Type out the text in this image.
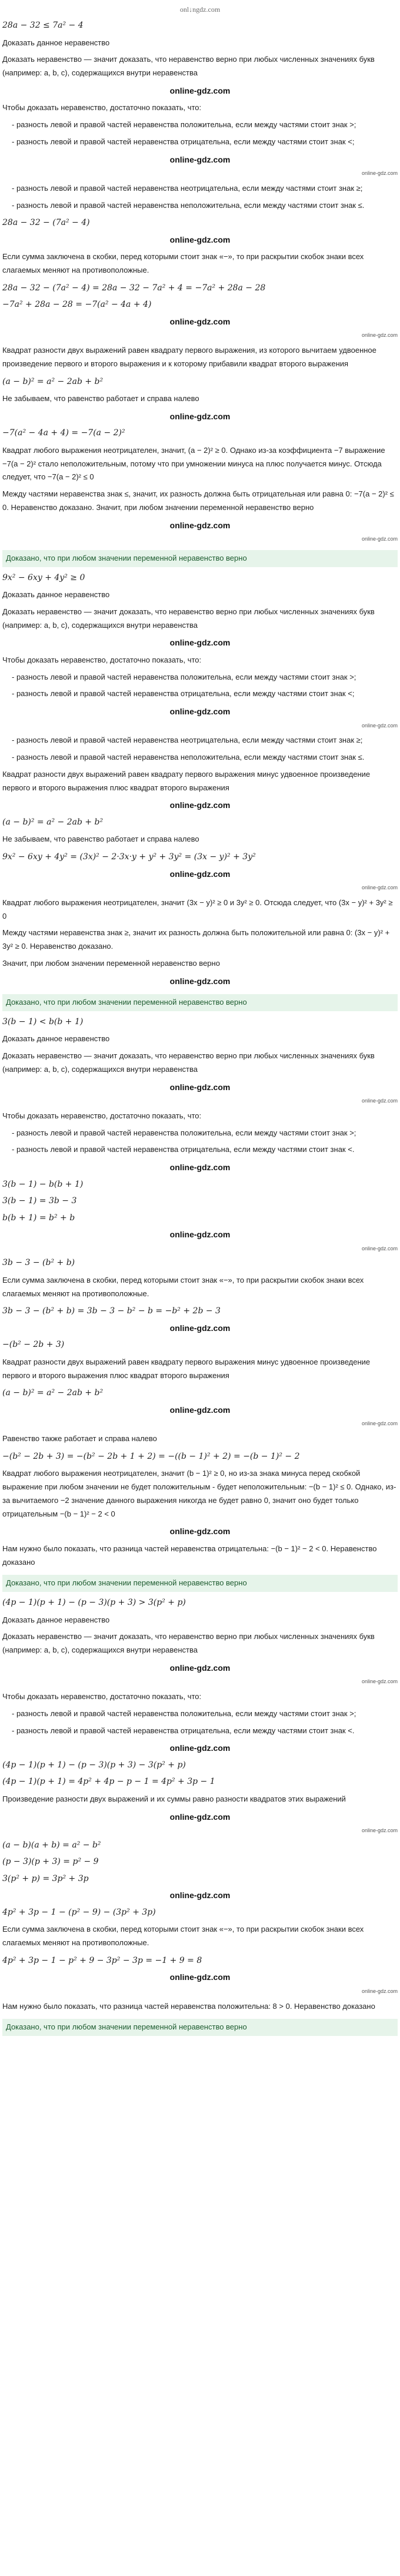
onl↓ngdz.com
28a − 32 ≤ 7a² − 4
Доказать данное неравенство
Доказать неравенство — значит доказать, что неравенство верно при любых численных значениях букв (например: a, b, c), содержащихся внутри неравенства
online-gdz.com
Чтобы доказать неравенство, достаточно показать, что:
- разность левой и правой частей неравенства положительна, если между частями стоит знак >;
- разность левой и правой частей неравенства отрицательна, если между частями стоит знак <;
online-gdz.com
online-gdz.com
- разность левой и правой частей неравенства неотрицательна, если между частями стоит знак ≥;
- разность левой и правой частей неравенства неположительна, если между частями стоит знак ≤.
28a − 32 − (7a² − 4)
online-gdz.com
Если сумма заключена в скобки, перед которыми стоит знак «−», то при раскрытии скобок знаки всех слагаемых меняют на противоположные.
28a − 32 − (7a² − 4) = 28a − 32 − 7a² + 4 = −7a² + 28a − 28
−7a² + 28a − 28 = −7(a² − 4a + 4)
online-gdz.com
online-gdz.com
Квадрат разности двух выражений равен квадрату первого выражения, из которого вычитаем удвоенное произведение первого и второго выражения и к которому прибавили квадрат второго выражения
(a − b)² = a² − 2ab + b²
Не забываем, что равенство работает и справа налево
online-gdz.com
−7(a² − 4a + 4) = −7(a − 2)²
Квадрат любого выражения неотрицателен, значит, (a − 2)² ≥ 0. Однако из-за коэффициента −7 выражение −7(a − 2)² стало неположительным, потому что при умножении минуса на плюс получается минус. Отсюда следует, что −7(a − 2)² ≤ 0
Между частями неравенства знак ≤, значит, их разность должна быть отрицательная или равна 0: −7(a − 2)² ≤ 0. Неравенство доказано. Значит, при любом значении переменной неравенство верно
online-gdz.com
online-gdz.com
Доказано, что при любом значении переменной неравенство верно
9x² − 6xy + 4y² ≥ 0
Доказать данное неравенство
Доказать неравенство — значит доказать, что неравенство верно при любых численных значениях букв (например: a, b, c), содержащихся внутри неравенства
online-gdz.com
Чтобы доказать неравенство, достаточно показать, что:
- разность левой и правой частей неравенства положительна, если между частями стоит знак >;
- разность левой и правой частей неравенства отрицательна, если между частями стоит знак <;
online-gdz.com
online-gdz.com
- разность левой и правой частей неравенства неотрицательна, если между частями стоит знак ≥;
- разность левой и правой частей неравенства неположительна, если между частями стоит знак ≤.
Квадрат разности двух выражений равен квадрату первого выражения минус удвоенное произведение первого и второго выражения плюс квадрат второго выражения
online-gdz.com
(a − b)² = a² − 2ab + b²
Не забываем, что равенство работает и справа налево
9x² − 6xy + 4y² = (3x)² − 2·3x·y + y² + 3y² = (3x − y)² + 3y²
online-gdz.com
online-gdz.com
Квадрат любого выражения неотрицателен, значит (3x − y)² ≥ 0 и 3y² ≥ 0. Отсюда следует, что (3x − y)² + 3y² ≥ 0
Между частями неравенства знак ≥, значит их разность должна быть положительной или равна 0: (3x − y)² + 3y² ≥ 0. Неравенство доказано.
Значит, при любом значении переменной неравенство верно
online-gdz.com
Доказано, что при любом значении переменной неравенство верно
3(b − 1) < b(b + 1)
Доказать данное неравенство
Доказать неравенство — значит доказать, что неравенство верно при любых численных значениях букв (например: a, b, c), содержащихся внутри неравенства
online-gdz.com
online-gdz.com
Чтобы доказать неравенство, достаточно показать, что:
- разность левой и правой частей неравенства положительна, если между частями стоит знак >;
- разность левой и правой частей неравенства отрицательна, если между частями стоит знак <.
online-gdz.com
3(b − 1) − b(b + 1)
3(b − 1) = 3b − 3
b(b + 1) = b² + b
online-gdz.com
online-gdz.com
3b − 3 − (b² + b)
Если сумма заключена в скобки, перед которыми стоит знак «−», то при раскрытии скобок знаки всех слагаемых меняют на противоположные.
3b − 3 − (b² + b) = 3b − 3 − b² − b = −b² + 2b − 3
online-gdz.com
−(b² − 2b + 3)
Квадрат разности двух выражений равен квадрату первого выражения минус удвоенное произведение первого и второго выражения плюс квадрат второго выражения
(a − b)² = a² − 2ab + b²
online-gdz.com
online-gdz.com
Равенство также работает и справа налево
−(b² − 2b + 3) = −(b² − 2b + 1 + 2) = −((b − 1)² + 2) = −(b − 1)² − 2
Квадрат любого выражения неотрицателен, значит (b − 1)² ≥ 0, но из-за знака минуса перед скобкой выражение при любом значении не будет положительным - будет неположительным: −(b − 1)² ≤ 0. Однако, из-за вычитаемого −2 значение данного выражения никогда не будет равно 0, значит оно будет только отрицательным −(b − 1)² − 2 < 0
online-gdz.com
Нам нужно было показать, что разница частей неравенства отрицательна: −(b − 1)² − 2 < 0. Неравенство доказано
Доказано, что при любом значении переменной неравенство верно
(4p − 1)(p + 1) − (p − 3)(p + 3) > 3(p² + p)
Доказать данное неравенство
Доказать неравенство — значит доказать, что неравенство верно при любых численных значениях букв (например: a, b, c), содержащихся внутри неравенства
online-gdz.com
online-gdz.com
Чтобы доказать неравенство, достаточно показать, что:
- разность левой и правой частей неравенства положительна, если между частями стоит знак >;
- разность левой и правой частей неравенства отрицательна, если между частями стоит знак <.
online-gdz.com
(4p − 1)(p + 1) − (p − 3)(p + 3) − 3(p² + p)
(4p − 1)(p + 1) = 4p² + 4p − p − 1 = 4p² + 3p − 1
Произведение разности двух выражений и их суммы равно разности квадратов этих выражений
online-gdz.com
online-gdz.com
(a − b)(a + b) = a² − b²
(p − 3)(p + 3) = p² − 9
3(p² + p) = 3p² + 3p
online-gdz.com
4p² + 3p − 1 − (p² − 9) − (3p² + 3p)
Если сумма заключена в скобки, перед которыми стоит знак «−», то при раскрытии скобок знаки всех слагаемых меняют на противоположные.
4p² + 3p − 1 − p² + 9 − 3p² − 3p = −1 + 9 = 8
online-gdz.com
online-gdz.com
Нам нужно было показать, что разница частей неравенства положительна: 8 > 0. Неравенство доказано
Доказано, что при любом значении переменной неравенство верно
